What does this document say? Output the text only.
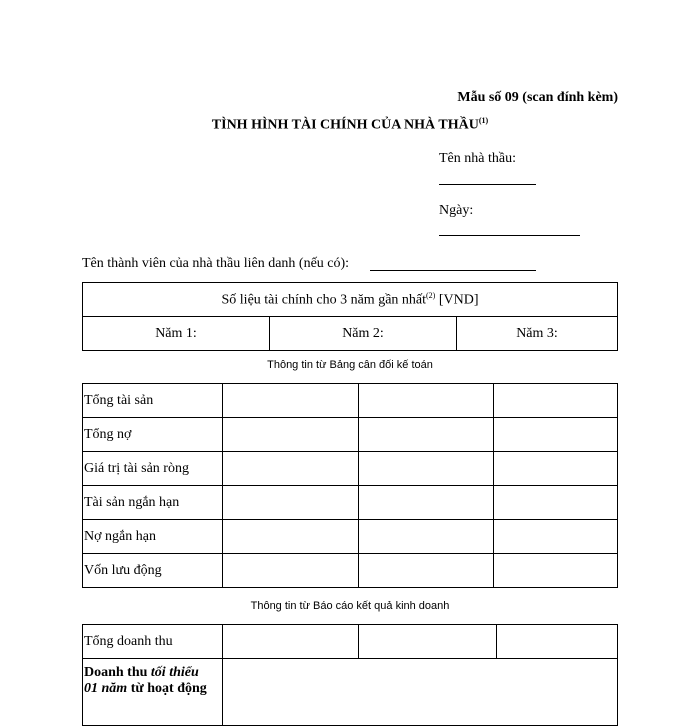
Mẫu số 09 (scan đính kèm)
TÌNH HÌNH TÀI CHÍNH CỦA NHÀ THẦU$^{(1)}$
Tên nhà thầu:
Ngày:
Tên thành viên của nhà thầu liên danh (nếu có):
Số liệu tài chính cho 3 năm gần nhất$^{(2)}$ [VND]
Năm 1:	Năm 2:	Năm 3:
Thông tin từ Bảng cân đối kế toán
Tổng tài sản			
Tổng nợ			
Giá trị tài sản ròng			
Tài sản ngắn hạn			
Nợ ngắn hạn			
Vốn lưu động			
Thông tin từ Báo cáo kết quả kinh doanh
Tổng doanh thu			
Doanh thu tối thiểu
01 năm từ hoạt động			
